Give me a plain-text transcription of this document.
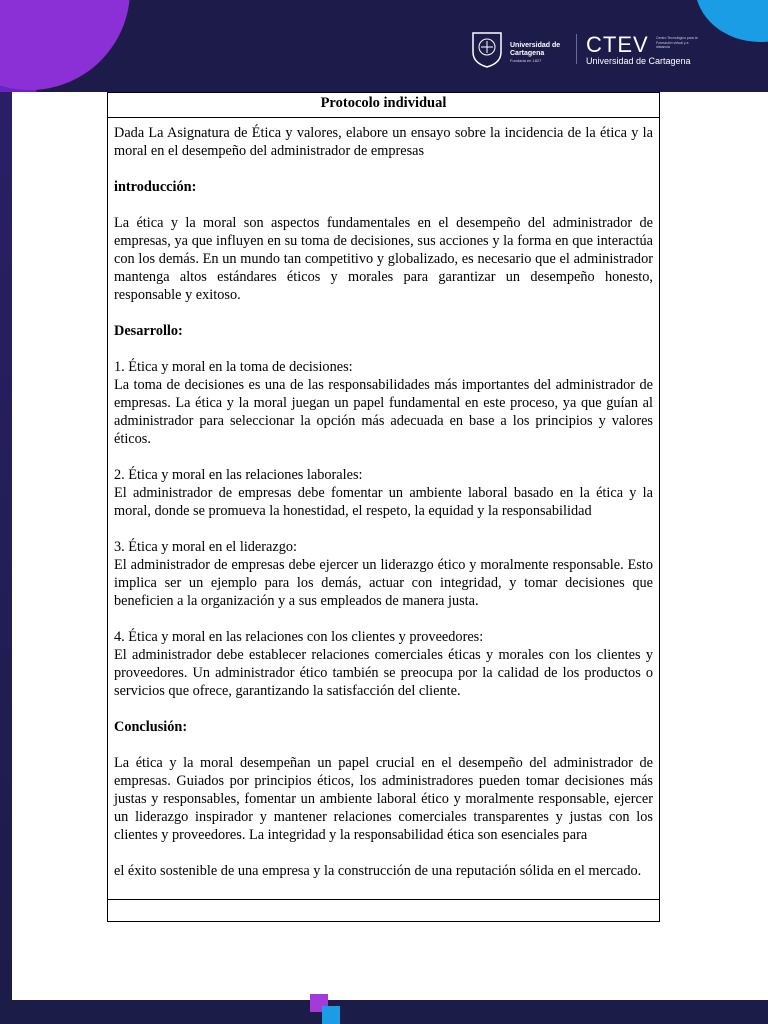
Universidad de Cartagena
Fundada en 1827
CTEV Centro Tecnológico para la Formación virtual y a distancia
Universidad de Cartagena
Protocolo individual

Dada La Asignatura de Ética y valores, elabore un ensayo sobre la incidencia de la ética y la moral en el desempeño del administrador de empresas

introducción:

La ética y la moral son aspectos fundamentales en el desempeño del administrador de empresas, ya que influyen en su toma de decisiones, sus acciones y la forma en que interactúa con los demás. En un mundo tan competitivo y globalizado, es necesario que el administrador mantenga altos estándares éticos y morales para garantizar un desempeño honesto, responsable y exitoso.

Desarrollo:

1. Ética y moral en la toma de decisiones:

La toma de decisiones es una de las responsabilidades más importantes del administrador de empresas. La ética y la moral juegan un papel fundamental en este proceso, ya que guían al administrador para seleccionar la opción más adecuada en base a los principios y valores éticos.

2. Ética y moral en las relaciones laborales:

El administrador de empresas debe fomentar un ambiente laboral basado en la ética y la moral, donde se promueva la honestidad, el respeto, la equidad y la responsabilidad

3. Ética y moral en el liderazgo:

El administrador de empresas debe ejercer un liderazgo ético y moralmente responsable. Esto implica ser un ejemplo para los demás, actuar con integridad, y tomar decisiones que beneficien a la organización y a sus empleados de manera justa.

4. Ética y moral en las relaciones con los clientes y proveedores:

El administrador debe establecer relaciones comerciales éticas y morales con los clientes y proveedores. Un administrador ético también se preocupa por la calidad de los productos o servicios que ofrece, garantizando la satisfacción del cliente.

Conclusión:

La ética y la moral desempeñan un papel crucial en el desempeño del administrador de empresas. Guiados por principios éticos, los administradores pueden tomar decisiones más justas y responsables, fomentar un ambiente laboral ético y moralmente responsable, ejercer un liderazgo inspirador y mantener relaciones comerciales transparentes y justas con los clientes y proveedores. La integridad y la responsabilidad ética son esenciales para

el éxito sostenible de una empresa y la construcción de una reputación sólida en el mercado.
